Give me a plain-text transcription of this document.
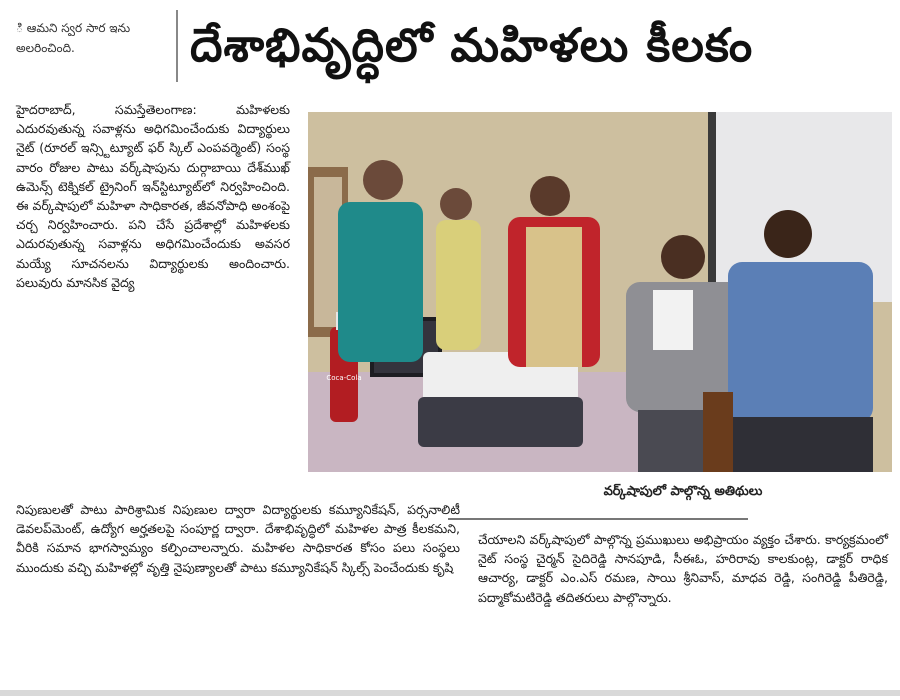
ి ఆమని స్వర సార ఇను అలరించింది.	దేశాభివృద్ధిలో మహిళలు కీలకం
హైదరాబాద్, సమస్తేతెలంగాణ: మహిళలకు ఎదురవుతున్న సవాళ్లను అధిగమించేందుకు విద్యార్థులు నైట్ (రూరల్ ఇన్స్టిట్యూట్ ఫర్ స్కిల్ ఎంపవర్మెంట్) సంస్థ వారం రోజుల పాటు వర్క్‌షాపును దుర్గాబాయి దేశ్‌ముఖ్ ఉమెన్స్ టెక్నికల్ ట్రైనింగ్ ఇన్‌స్టిట్యూట్‌లో నిర్వహించింది. ఈ వర్క్‌షాపులో మహిళా సాధికారత, జీవనోపాధి అంశంపై చర్చ నిర్వహించారు. పని చేసే ప్రదేశాల్లో మహిళలకు ఎదురవుతున్న సవాళ్లను అధిగమించేందుకు అవసర మయ్యే సూచనలను విద్యార్థులకు అందించారు. పలువురు మానసిక వైద్య
Coca-Cola
వర్క్‌షాపులో పాల్గొన్న అతిథులు
నిపుణులతో పాటు పారిశ్రామిక నిపుణుల ద్వారా విద్యార్థులకు కమ్యూనికేషన్, పర్సనాలిటీ డెవలప్‌మెంట్, ఉద్యోగ అర్హతలపై సంపూర్ణ ద్వారా. దేశాభివృద్ధిలో మహిళల పాత్ర కీలకమని, వీరికి సమాన భాగస్వామ్యం కల్పించాలన్నారు. మహిళల సాధికారత కోసం పలు సంస్థలు ముందుకు వచ్చి మహిళల్లో వృత్తి నైపుణ్యాలతో పాటు కమ్యూనికేషన్ స్కిల్స్ పెంచేందుకు కృషి
చేయాలని వర్క్‌షాపులో పాల్గొన్న ప్రముఖులు అభిప్రాయం వ్యక్తం చేశారు. కార్యక్రమంలో నైట్ సంస్థ చైర్మన్ సైదిరెడ్డి సానపూడి, సీఈఓ, హరిరావు కాలకుంట్ల, డాక్టర్ రాధిక ఆచార్య, డాక్టర్ ఎం.ఎస్ రమణ, సాయి శ్రీనివాస్, మాధవ రెడ్డి, సంగిరెడ్డి పీతిరెడ్డి, పద్మాకోమటిరెడ్డి తదితరులు పాల్గొన్నారు.
